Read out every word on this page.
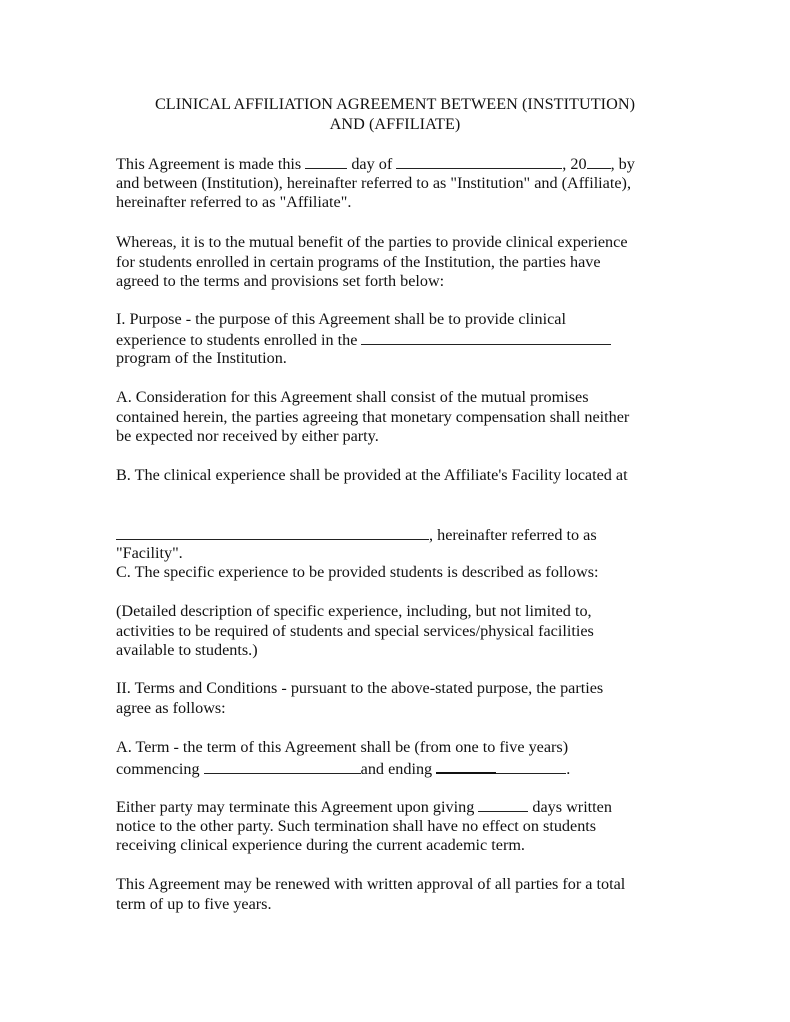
CLINICAL AFFILIATION AGREEMENT BETWEEN (INSTITUTION)
AND (AFFILIATE)
This Agreement is made this	day of	, 20 , by
and between (Institution), hereinafter referred to as "Institution" and (Affiliate),
hereinafter referred to as "Affiliate".
Whereas, it is to the mutual benefit of the parties to provide clinical experience
for students enrolled in certain programs of the Institution, the parties have
agreed to the terms and provisions set forth below:
I. Purpose - the purpose of this Agreement shall be to provide clinical
experience to students enrolled in the
program of the Institution.
A. Consideration for this Agreement shall consist of the mutual promises
contained herein, the parties agreeing that monetary compensation shall neither
be expected nor received by either party.
B. The clinical experience shall be provided at the Affiliate's Facility located at
, hereinafter referred to as
"Facility".
C. The specific experience to be provided students is described as follows:
(Detailed description of specific experience, including, but not limited to,
activities to be required of students and special services/physical facilities
available to students.)
II. Terms and Conditions - pursuant to the above-stated purpose, the parties
agree as follows:
A. Term - the term of this Agreement shall be (from one to five years)
commencing	and ending	.
Either party may terminate this Agreement upon giving	days written
notice to the other party. Such termination shall have no effect on students
receiving clinical experience during the current academic term.
This Agreement may be renewed with written approval of all parties for a total
term of up to five years.
